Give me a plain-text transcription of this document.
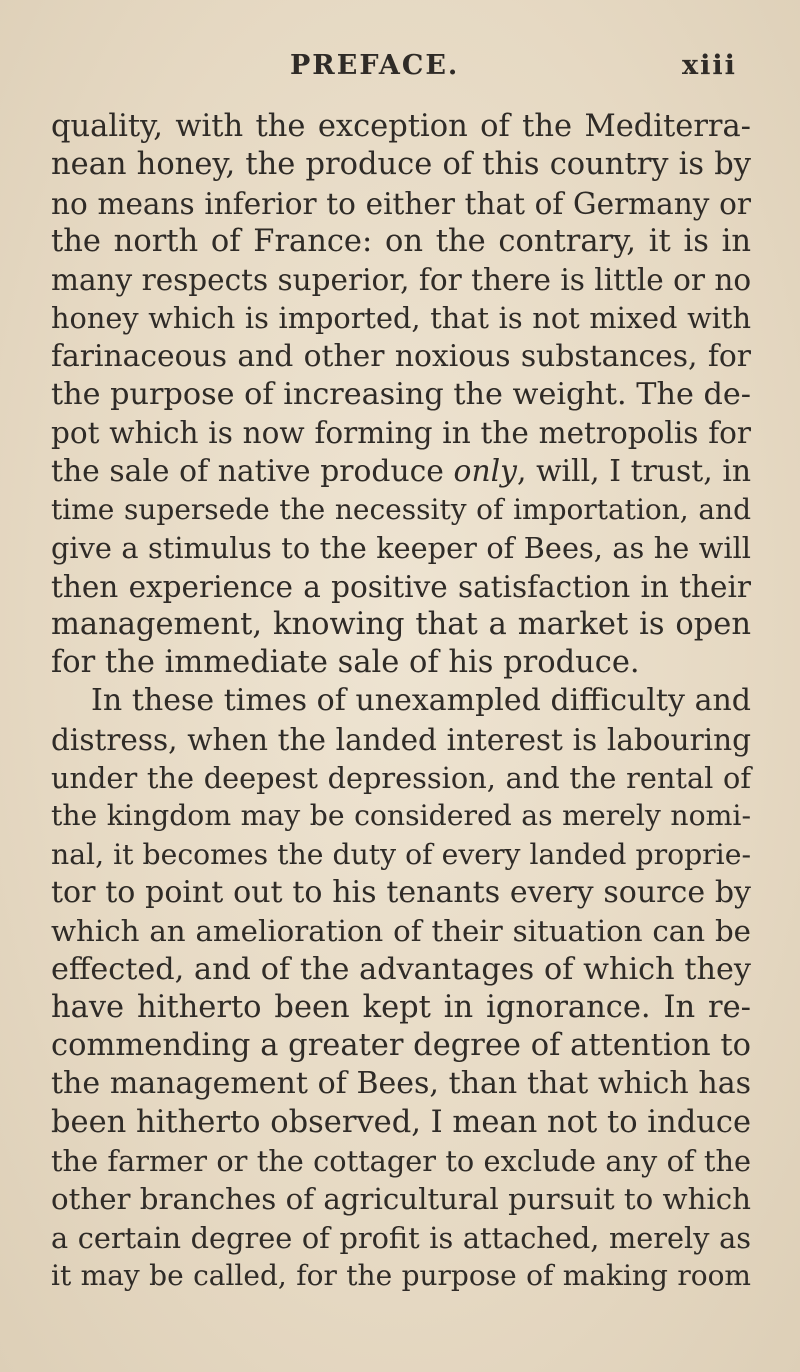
PREFACE.	xiii
quality, with the exception of the Mediterra-
nean honey, the produce of this country is by
no means inferior to either that of Germany or
the north of France: on the contrary, it is in
many respects superior, for there is little or no
honey which is imported, that is not mixed with
farinaceous and other noxious substances, for
the purpose of increasing the weight. The de-
pot which is now forming in the metropolis for
the sale of native produce only, will, I trust, in
time supersede the necessity of importation, and
give a stimulus to the keeper of Bees, as he will
then experience a positive satisfaction in their
management, knowing that a market is open
for the immediate sale of his produce.
In these times of unexampled difficulty and
distress, when the landed interest is labouring
under the deepest depression, and the rental of
the kingdom may be considered as merely nomi-
nal, it becomes the duty of every landed proprie-
tor to point out to his tenants every source by
which an amelioration of their situation can be
effected, and of the advantages of which they
have hitherto been kept in ignorance. In re-
commending a greater degree of attention to
the management of Bees, than that which has
been hitherto observed, I mean not to induce
the farmer or the cottager to exclude any of the
other branches of agricultural pursuit to which
a certain degree of profit is attached, merely as
it may be called, for the purpose of making room
